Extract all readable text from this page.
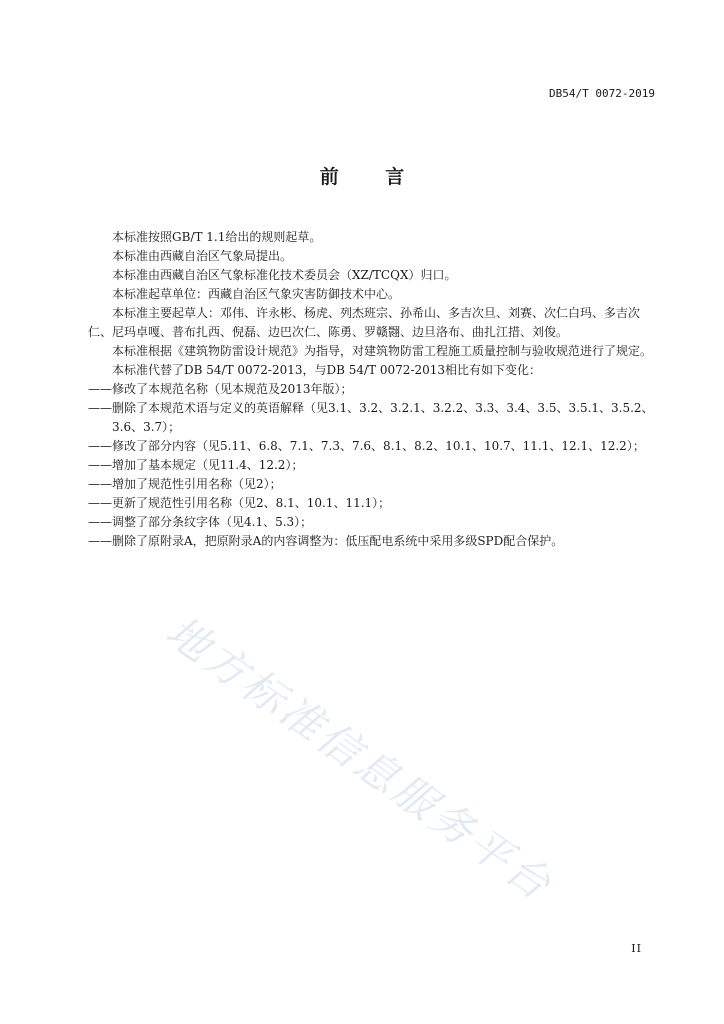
DB54/T 0072-2019
前 言

本标准按照GB/T 1.1给出的规则起草。

本标准由西藏自治区气象局提出。

本标准由西藏自治区气象标准化技术委员会（XZ/TCQX）归口。

本标准起草单位：西藏自治区气象灾害防御技术中心。

本标准主要起草人：邓伟、许永彬、杨虎、列杰班宗、孙希山、多吉次旦、刘赛、次仁白玛、多吉次仁、尼玛卓嘎、普布扎西、倪磊、边巴次仁、陈勇、罗赣翾、边旦洛布、曲扎江措、刘俊。

本标准根据《建筑物防雷设计规范》为指导，对建筑物防雷工程施工质量控制与验收规范进行了规定。

本标准代替了DB 54/T 0072-2013，与DB 54/T 0072-2013相比有如下变化：

——修改了本规范名称（见本规范及2013年版）；

——删除了本规范术语与定义的英语解释（见3.1、3.2、3.2.1、3.2.2、3.3、3.4、3.5、3.5.1、3.5.2、3.6、3.7）；

——修改了部分内容（见5.11、6.8、7.1、7.3、7.6、8.1、8.2、10.1、10.7、11.1、12.1、12.2）；

——增加了基本规定（见11.4、12.2）；

——增加了规范性引用名称（见2）；

——更新了规范性引用名称（见2、8.1、10.1、11.1）；

——调整了部分条纹字体（见4.1、5.3）；

——删除了原附录A，把原附录A的内容调整为：低压配电系统中采用多级SPD配合保护。

地方标准信息服务平台
II
